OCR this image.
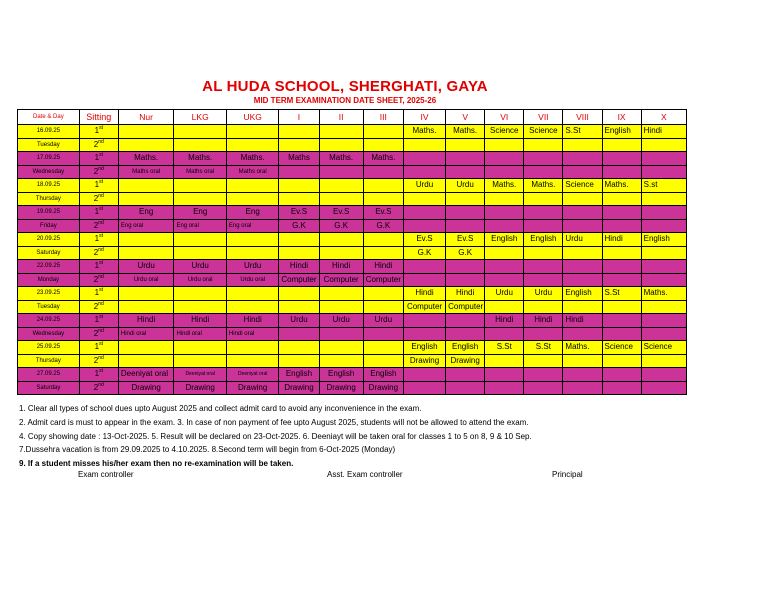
AL HUDA SCHOOL, SHERGHATI, GAYA
MID TERM EXAMINATION DATE SHEET, 2025-26
Date & Day	Sitting	Nur	LKG	UKG	I	II	III	IV	V	VI	VII	VIII	IX	X
16.09.25	1st							Maths.	Maths.	Science	Science	S.St	English	Hindi
Tuesday	2nd													
17.09.25	1st	Maths.	Maths.	Maths.	Maths	Maths.	Maths.							
Wednesday	2nd	Maths oral	Maths oral	Maths oral										
18.09.25	1st							Urdu	Urdu	Maths.	Maths.	Science	Maths.	S.st
Thursday	2nd													
19.09.25	1st	Eng	Eng	Eng	Ev.S	Ev.S	Ev.S							
Friday	2nd	Eng oral	Eng oral	Eng oral	G.K	G.K	G.K							
20.09.25	1st							Ev.S	Ev.S	English	English	Urdu	Hindi	English
Saturday	2nd							G.K	G.K					
22.09.25	1st	Urdu	Urdu	Urdu	Hindi	Hindi	Hindi							
Monday	2nd	Urdu oral	Urdu oral	Urdu oral	Computer	Computer	Computer							
23.09.25	1st							Hindi	Hindi	Urdu	Urdu	English	S.St	Maths.
Tuesday	2nd							Computer	Computer					
24.09.25	1st	Hindi	Hindi	Hindi	Urdu	Urdu	Urdu			Hindi	Hindi	Hindi		
Wednesday	2nd	Hindi oral	Hindi oral	Hindi oral										
25.09.25	1st							English	English	S.St	S.St	Maths.	Science	Science
Thursday	2nd							Drawing	Drawing					
27.09.25	1st	Deeniyat oral	Deeniyat oral	Deeniyat oral	English	English	English							
Saturday	2nd	Drawing	Drawing	Drawing	Drawing	Drawing	Drawing							
1. Clear all types of school dues upto August 2025 and collect admit card to avoid any inconvenience in the exam.
2. Admit card is must to appear in the exam. 3. In case of non payment of fee upto August 2025, students will not be allowed to attend the exam.
4. Copy showing date : 13-Oct-2025. 5. Result will be declared on 23-Oct-2025. 6. Deeniayt will be taken oral for classes 1 to 5 on 8, 9 & 10 Sep.
7.Dussehra vacation is from 29.09.2025 to 4.10.2025. 8.Second term will begin from 6-Oct-2025 (Monday)
9. If a student misses his/her exam then no re-examination will be taken.
Exam controller	Asst. Exam controller	Principal
